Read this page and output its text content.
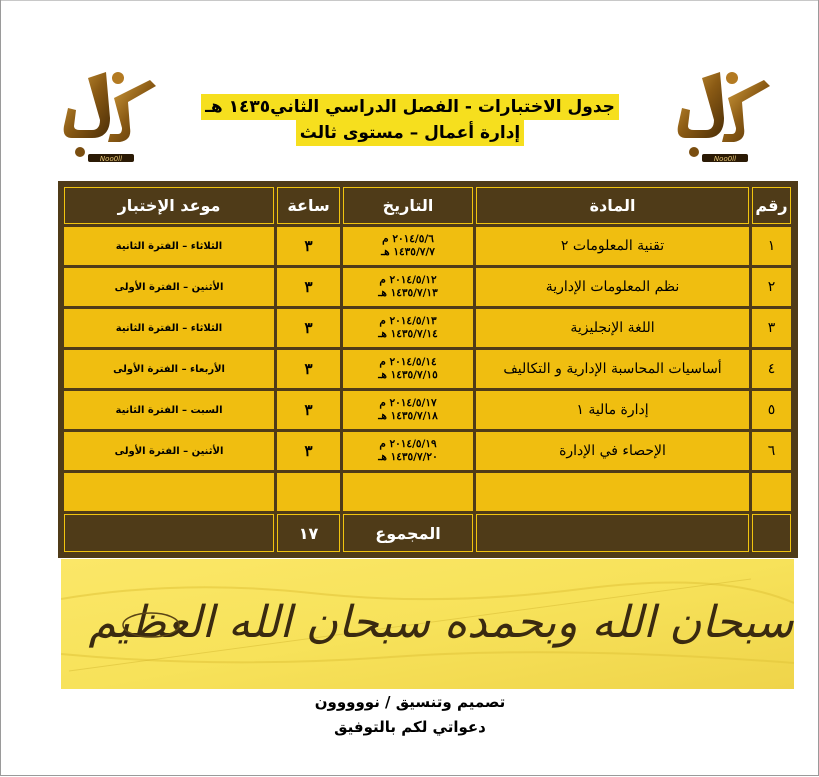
Noo0ll	Noo0ll
جدول الاختبارات - الفصل الدراسي الثاني١٤٣٥ هـ
إدارة أعمال – مستوى ثالث
رقم
المادة
التاريخ
ساعة
موعد الإختبار
١
تقنية المعلومات ٢
٢٠١٤/٥/٦ م
١٤٣٥/٧/٧ هـ
٣
الثلاثاء – الفترة الثانية
٢
نظم المعلومات الإدارية
٢٠١٤/٥/١٢ م
١٤٣٥/٧/١٣ هـ
٣
الأثنين – الفترة الأولى
٣
اللغة الإنجليزية
٢٠١٤/٥/١٣ م
١٤٣٥/٧/١٤ هـ
٣
الثلاثاء – الفترة الثانية
٤
أساسيات المحاسبة الإدارية و التكاليف
٢٠١٤/٥/١٤ م
١٤٣٥/٧/١٥ هـ
٣
الأربعاء – الفترة الأولى
٥
إدارة مالية ١
٢٠١٤/٥/١٧ م
١٤٣٥/٧/١٨ هـ
٣
السبت – الفترة الثانية
٦
الإحصاء في الإدارة
٢٠١٤/٥/١٩ م
١٤٣٥/٧/٢٠ هـ
٣
الأثنين – الفترة الأولى
المجموع
١٧
سبحان الله وبحمده سبحان الله العظيم
تصميم وتنسيق / نووووون
دعواتي لكم بالتوفيق
